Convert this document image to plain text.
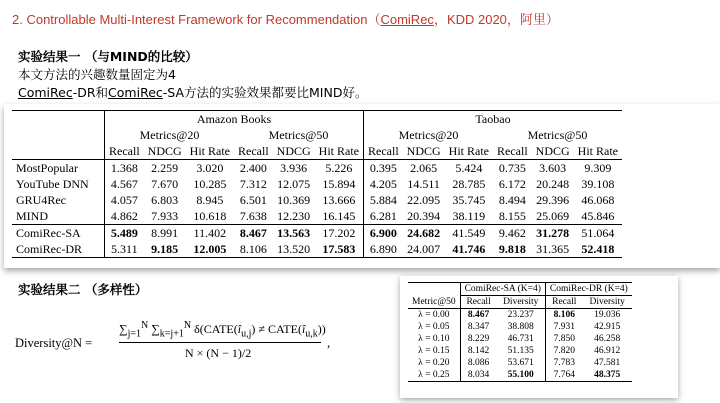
2. Controllable Multi-Interest Framework for Recommendation（ComiRec，KDD 2020，阿里）
实验结果一 （与MIND的比较）
本文方法的兴趣数量固定为4
ComiRec-DR和ComiRec-SA方法的实验效果都要比MIND好。
	Amazon Books						Taobao					
	Metrics@20			Metrics@50			Metrics@20			Metrics@50		
	Recall	NDCG	Hit Rate	Recall	NDCG	Hit Rate	Recall	NDCG	Hit Rate	Recall	NDCG	Hit Rate
MostPopular	1.368	2.259	3.020	2.400	3.936	5.226	0.395	2.065	5.424	0.735	3.603	9.309
YouTube DNN	4.567	7.670	10.285	7.312	12.075	15.894	4.205	14.511	28.785	6.172	20.248	39.108
GRU4Rec	4.057	6.803	8.945	6.501	10.369	13.666	5.884	22.095	35.745	8.494	29.396	46.068
MIND	4.862	7.933	10.618	7.638	12.230	16.145	6.281	20.394	38.119	8.155	25.069	45.846
ComiRec-SA	5.489	8.991	11.402	8.467	13.563	17.202	6.900	24.682	41.549	9.462	31.278	51.064
ComiRec-DR	5.311	9.185	12.005	8.106	13.520	17.583	6.890	24.007	41.746	9.818	31.365	52.418
实验结果二 （多样性）
Diversity@N =
$\sum_{j=1}^N$ $\sum_{k=j+1}^N$ $\delta(CATE(î_{u,j})$ ≠ $CATE(î_{u,k})$)
N × (N − 1)/2
,
	ComiRec-SA (K=4)		ComiRec-DR (K=4)	
Metric@50	Recall	Diversity	Recall	Diversity
λ = 0.00	8.467	23.237	8.106	19.036
λ = 0.05	8.347	38.808	7.931	42.915
λ = 0.10	8.229	46.731	7.850	46.258
λ = 0.15	8.142	51.135	7.820	46.912
λ = 0.20	8.086	53.671	7.783	47.581
λ = 0.25	8.034	55.100	7.764	48.375
